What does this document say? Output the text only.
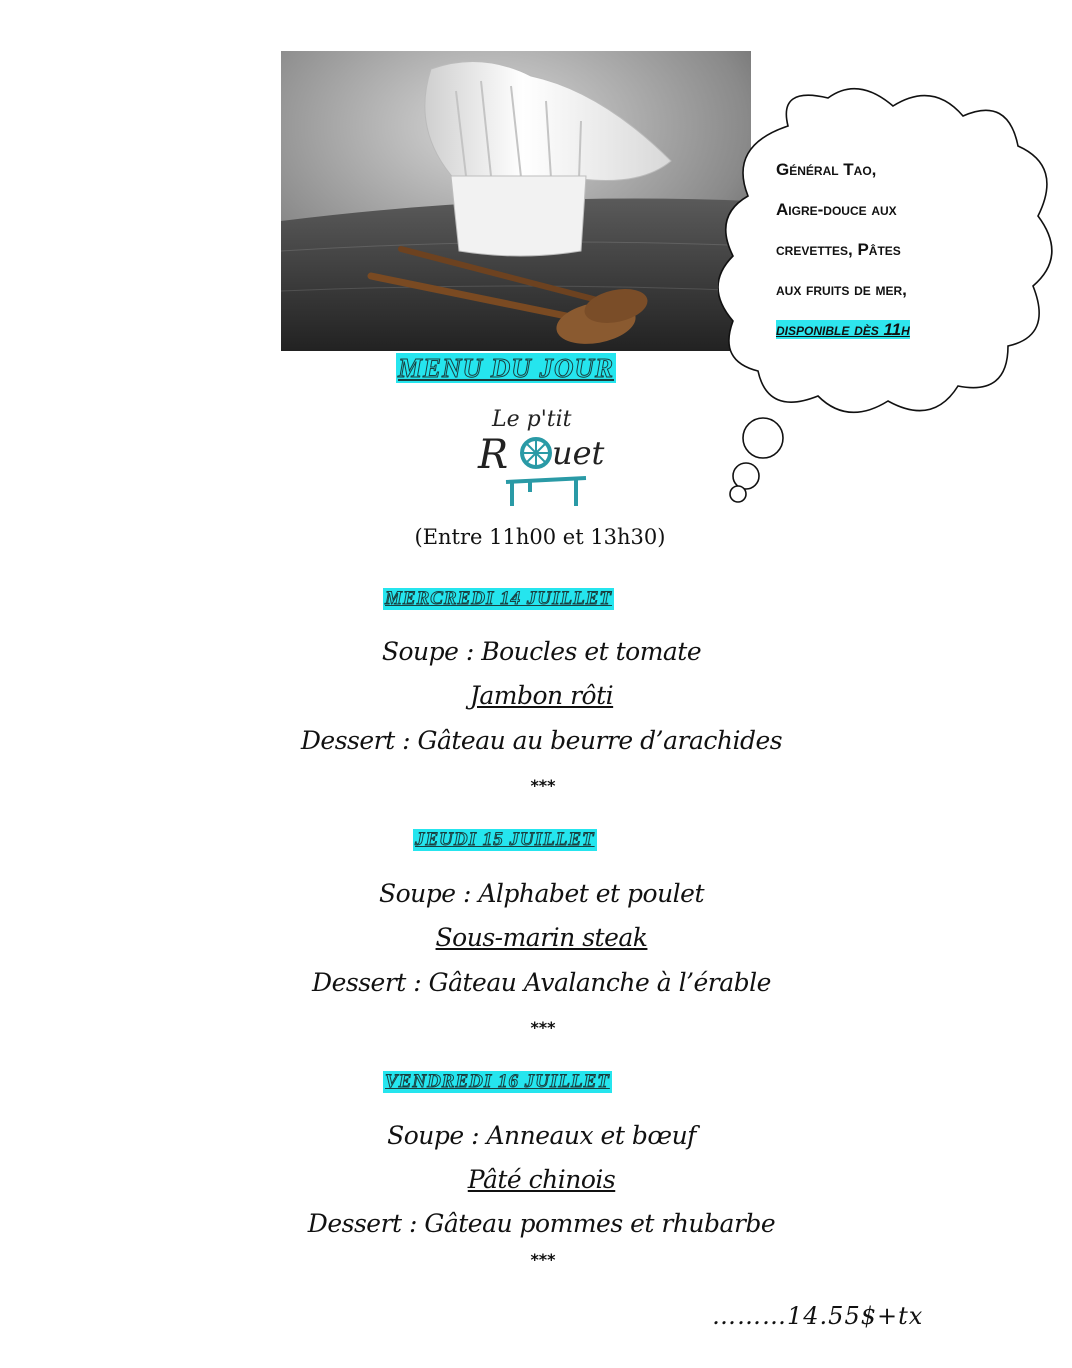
Général Tao,
Aigre-douce aux
crevettes, Pâtes
aux fruits de mer,
disponible dès 11h
MENU DU JOUR
Le p'tit
R uet
(Entre 11h00 et 13h30)
MERCREDI 14 JUILLET
Soupe : Boucles et tomate
Jambon rôti
Dessert : Gâteau au beurre d’arachides
***
JEUDI 15 JUILLET
Soupe : Alphabet et poulet
Sous-marin steak
Dessert : Gâteau Avalanche à l’érable
***
VENDREDI 16 JUILLET
Soupe : Anneaux et bœuf
Pâté chinois
Dessert : Gâteau pommes et rhubarbe
***
………14.55$+tx
